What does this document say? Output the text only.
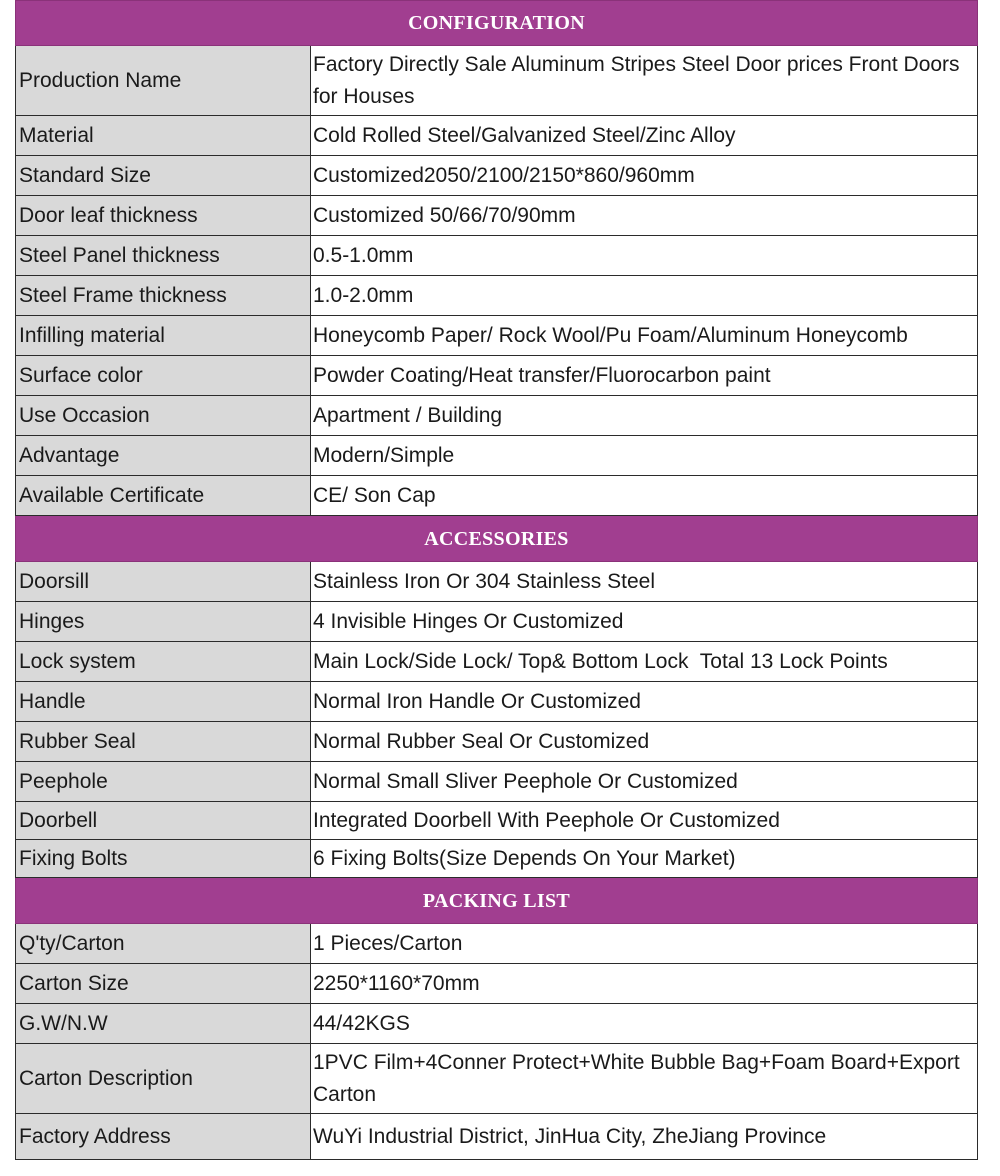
CONFIGURATION	
Production Name	Factory Directly Sale Aluminum Stripes Steel Door prices Front Doors for Houses
Material	Cold Rolled Steel/Galvanized Steel/Zinc Alloy
Standard Size	Customized2050/2100/2150*860/960mm
Door leaf thickness	Customized 50/66/70/90mm
Steel Panel thickness	0.5-1.0mm
Steel Frame thickness	1.0-2.0mm
Infilling material	Honeycomb Paper/ Rock Wool/Pu Foam/Aluminum Honeycomb
Surface color	Powder Coating/Heat transfer/Fluorocarbon paint
Use Occasion	Apartment / Building
Advantage	Modern/Simple
Available Certificate	CE/ Son Cap
ACCESSORIES	
Doorsill	Stainless Iron Or 304 Stainless Steel
Hinges	4 Invisible Hinges Or Customized
Lock system	Main Lock/Side Lock/ Top& Bottom Lock  Total 13 Lock Points
Handle	Normal Iron Handle Or Customized
Rubber Seal	Normal Rubber Seal Or Customized
Peephole	Normal Small Sliver Peephole Or Customized
Doorbell	Integrated Doorbell With Peephole Or Customized
Fixing Bolts	6 Fixing Bolts(Size Depends On Your Market)
PACKING LIST	
Q'ty/Carton	1 Pieces/Carton
Carton Size	2250*1160*70mm
G.W/N.W	44/42KGS
Carton Description	1PVC Film+4Conner Protect+White Bubble Bag+Foam Board+Export Carton
Factory Address	WuYi Industrial District, JinHua City, ZheJiang Province
